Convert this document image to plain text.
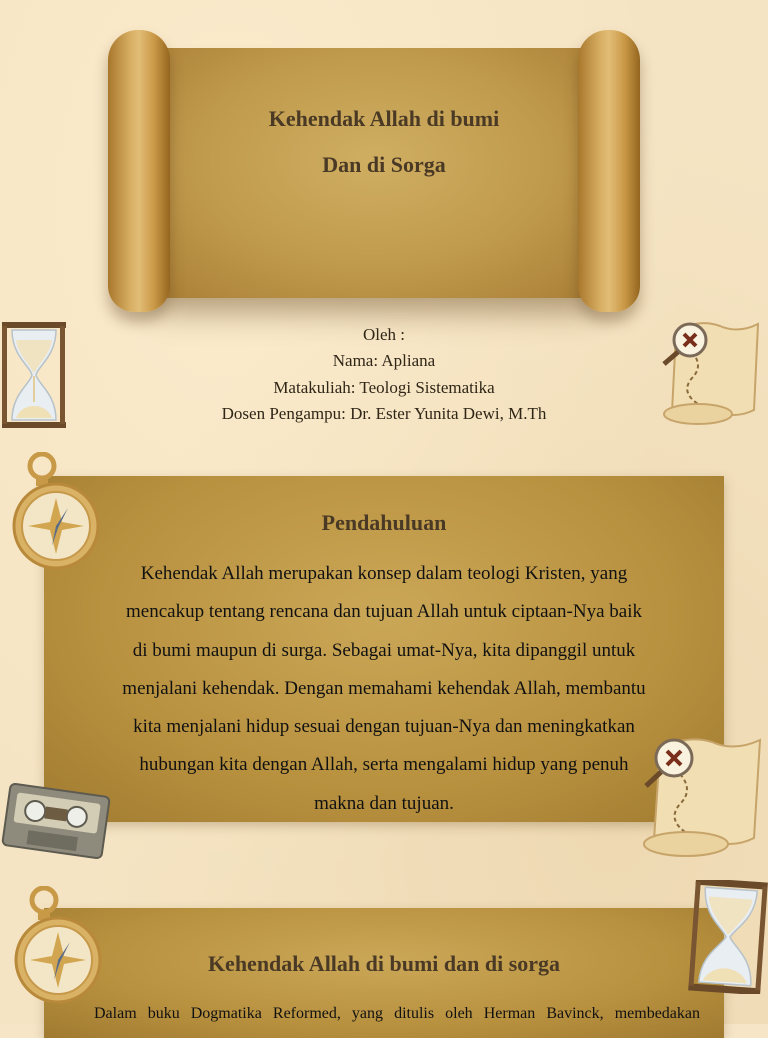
Kehendak Allah di bumi
Dan di Sorga
Oleh :
Nama: Apliana
Matakuliah: Teologi Sistematika
Dosen Pengampu: Dr. Ester Yunita Dewi, M.Th
Pendahuluan
Kehendak Allah merupakan konsep dalam teologi Kristen, yang
mencakup tentang rencana dan tujuan Allah untuk ciptaan-Nya baik
di bumi maupun di surga. Sebagai umat-Nya, kita dipanggil untuk
menjalani kehendak. Dengan memahami kehendak Allah, membantu
kita menjalani hidup sesuai dengan tujuan-Nya dan meningkatkan
hubungan kita dengan Allah, serta mengalami hidup yang penuh
makna dan tujuan.
Kehendak Allah di bumi dan di sorga
Dalam buku Dogmatika Reformed, yang ditulis oleh Herman Bavinck, membedakan
